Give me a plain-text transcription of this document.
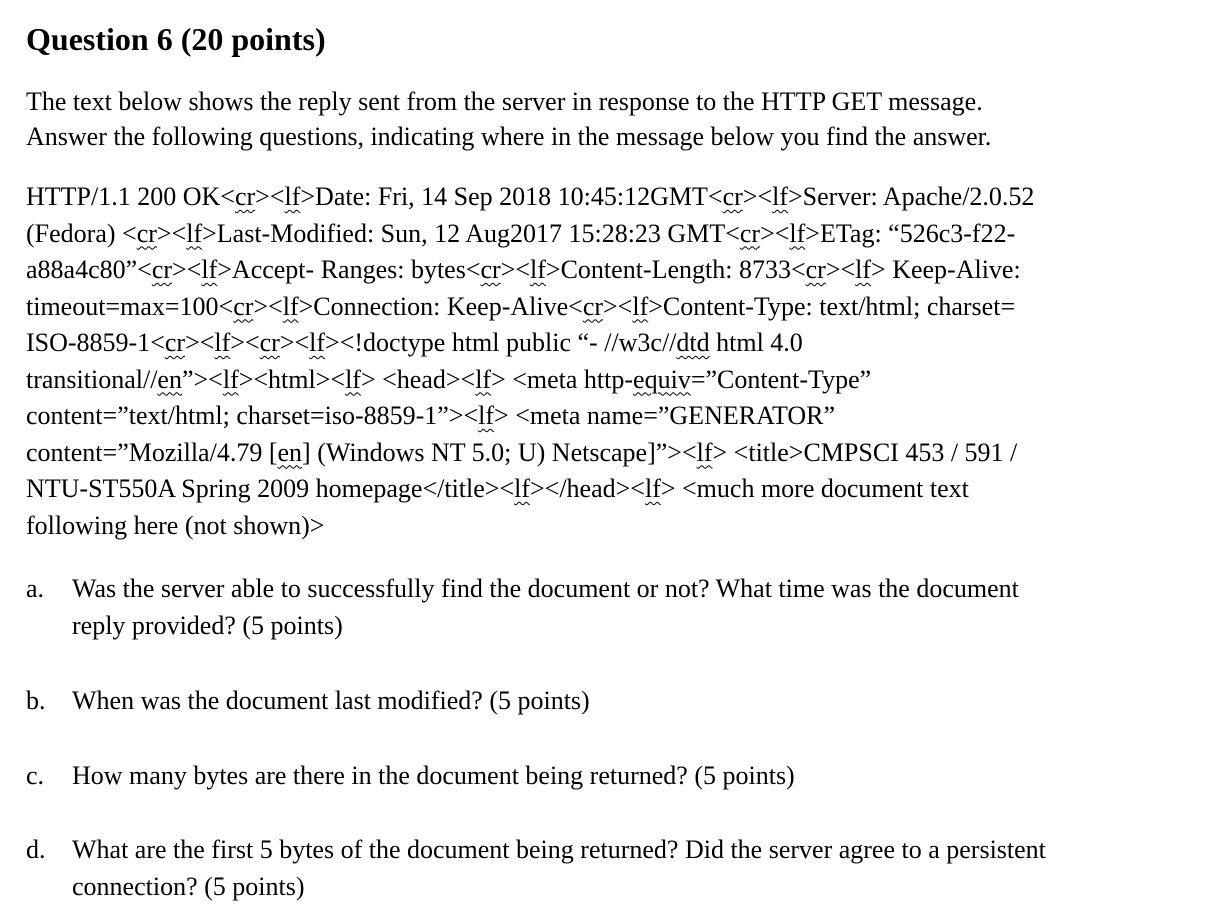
Question 6 (20 points)
The text below shows the reply sent from the server in response to the HTTP GET message.
Answer the following questions, indicating where in the message below you find the answer.
HTTP/1.1 200 OK<cr><lf>Date: Fri, 14 Sep 2018 10:45:12GMT<cr><lf>Server: Apache/2.0.52
(Fedora) <cr><lf>Last-Modified: Sun, 12 Aug2017 15:28:23 GMT<cr><lf>ETag: “526c3-f22-
a88a4c80”<cr><lf>Accept- Ranges: bytes<cr><lf>Content-Length: 8733<cr><lf> Keep-Alive:
timeout=max=100<cr><lf>Connection: Keep-Alive<cr><lf>Content-Type: text/html; charset=
ISO-8859-1<cr><lf><cr><lf><!doctype html public “- //w3c//dtd html 4.0
transitional//en”><lf><html><lf> <head><lf> <meta http-equiv=”Content-Type”
content=”text/html; charset=iso-8859-1”><lf> <meta name=”GENERATOR”
content=”Mozilla/4.79 [en] (Windows NT 5.0; U) Netscape]”><lf> <title>CMPSCI 453 / 591 /
NTU-ST550A Spring 2009 homepage</title><lf></head><lf> <much more document text
following here (not shown)>
a. Was the server able to successfully find the document or not? What time was the document
reply provided? (5 points)
b. When was the document last modified? (5 points)
c. How many bytes are there in the document being returned? (5 points)
d. What are the first 5 bytes of the document being returned? Did the server agree to a persistent
connection? (5 points)
